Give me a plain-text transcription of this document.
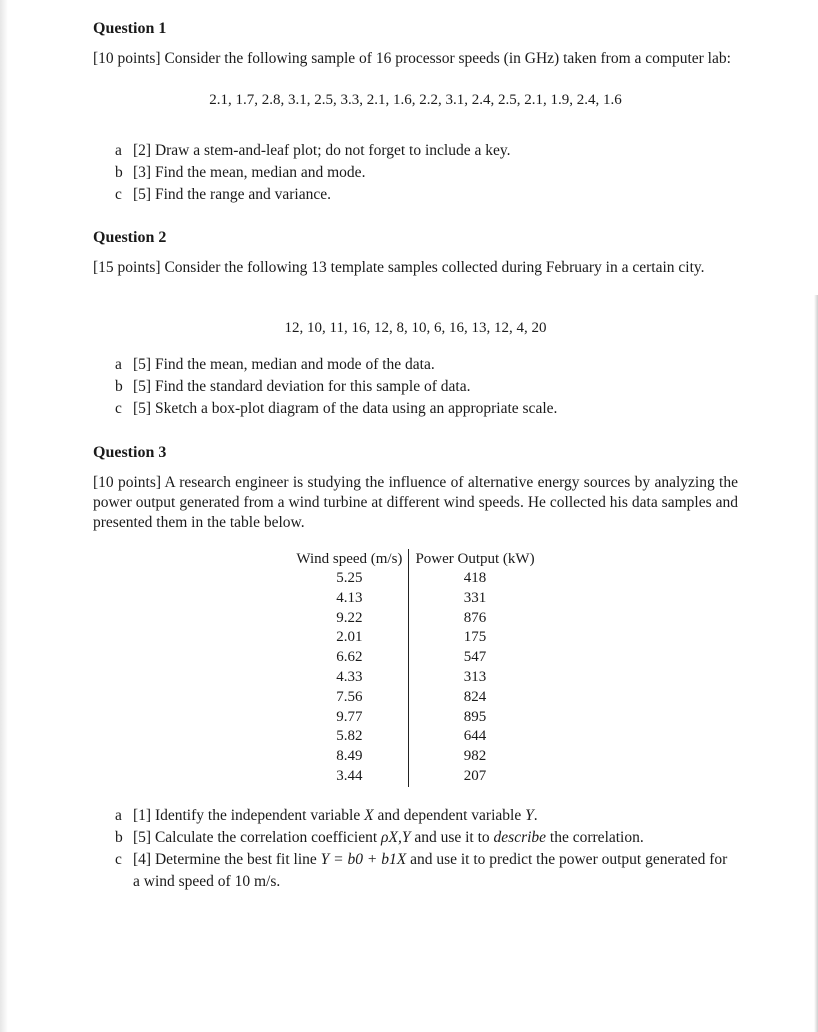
Question 1

[10 points] Consider the following sample of 16 processor speeds (in GHz) taken from a computer lab:

2.1, 1.7, 2.8, 3.1, 2.5, 3.3, 2.1, 1.6, 2.2, 3.1, 2.4, 2.5, 2.1, 1.9, 2.4, 1.6
a [2] Draw a stem-and-leaf plot; do not forget to include a key.
b [3] Find the mean, median and mode.
c [5] Find the range and variance.
Question 2

[15 points] Consider the following 13 template samples collected during February in a certain city.

12, 10, 11, 16, 12, 8, 10, 6, 16, 13, 12, 4, 20
a [5] Find the mean, median and mode of the data.
b [5] Find the standard deviation for this sample of data.
c [5] Sketch a box-plot diagram of the data using an appropriate scale.
Question 3

[10 points] A research engineer is studying the influence of alternative energy sources by analyzing the power output generated from a wind turbine at different wind speeds. He collected his data samples and presented them in the table below.

Wind speed (m/s)	Power Output (kW)
5.25	418
4.13	331
9.22	876
2.01	175
6.62	547
4.33	313
7.56	824
9.77	895
5.82	644
8.49	982
3.44	207
a [1] Identify the independent variable X and dependent variable Y.
b [5] Calculate the correlation coefficient ρX,Y and use it to describe the correlation.
c [4] Determine the best fit line Y = b0 + b1X and use it to predict the power output generated for a wind speed of 10 m/s.
